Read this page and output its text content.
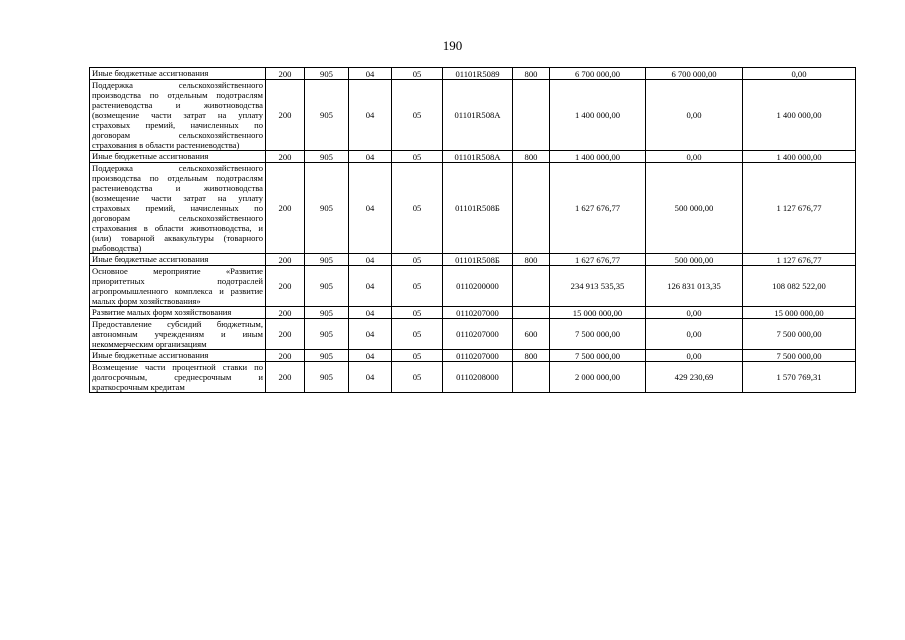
190
Иные бюджетные ассигнования	200	905	04	05	01101R5089	800	6 700 000,00	6 700 000,00	0,00
Поддержка сельскохозяйственного производства по отдельным подотраслям растениеводства и животноводства (возмещение части затрат на уплату страховых премий, начисленных по договорам сельскохозяйственного страхования в области растениеводства)	200	905	04	05	01101R508А		1 400 000,00	0,00	1 400 000,00
Иные бюджетные ассигнования	200	905	04	05	01101R508А	800	1 400 000,00	0,00	1 400 000,00
Поддержка сельскохозяйственного производства по отдельным подотраслям растениеводства и животноводства (возмещение части затрат на уплату страховых премий, начисленных по договорам сельскохозяйственного страхования в области животноводства, и (или) товарной аквакультуры (товарного рыбоводства)	200	905	04	05	01101R508Б		1 627 676,77	500 000,00	1 127 676,77
Иные бюджетные ассигнования	200	905	04	05	01101R508Б	800	1 627 676,77	500 000,00	1 127 676,77
Основное мероприятие «Развитие приоритетных подотраслей агропромышленного комплекса и развитие малых форм хозяйствования»	200	905	04	05	0110200000		234 913 535,35	126 831 013,35	108 082 522,00
Развитие малых форм хозяйствования	200	905	04	05	0110207000		15 000 000,00	0,00	15 000 000,00
Предоставление субсидий бюджетным, автономным учреждениям и иным некоммерческим организациям	200	905	04	05	0110207000	600	7 500 000,00	0,00	7 500 000,00
Иные бюджетные ассигнования	200	905	04	05	0110207000	800	7 500 000,00	0,00	7 500 000,00
Возмещение части процентной ставки по долгосрочным, среднесрочным и краткосрочным кредитам	200	905	04	05	0110208000		2 000 000,00	429 230,69	1 570 769,31
